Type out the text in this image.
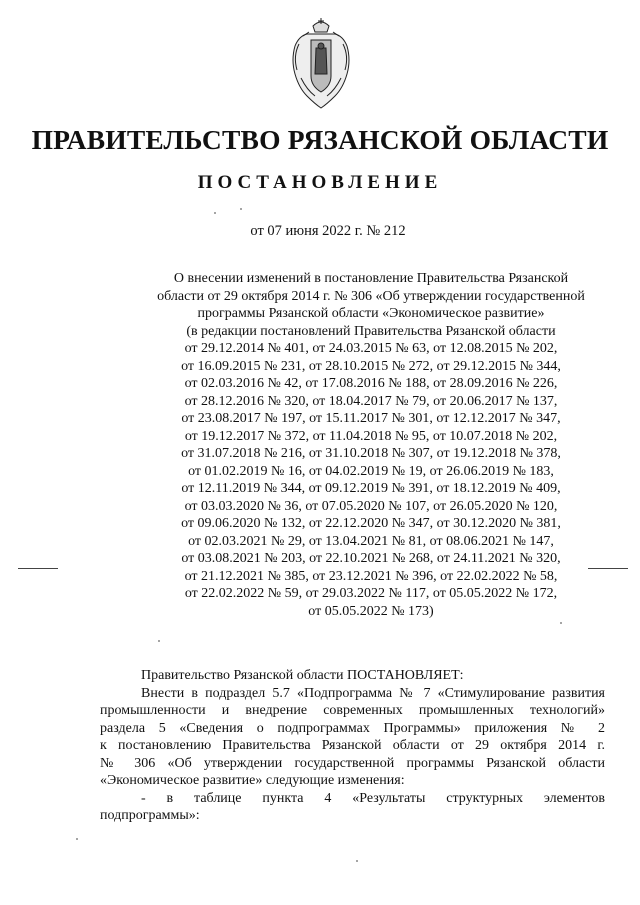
ПРАВИТЕЛЬСТВО РЯЗАНСКОЙ ОБЛАСТИ
ПОСТАНОВЛЕНИЕ
от 07 июня 2022 г. № 212
О внесении изменений в постановление Правительства Рязанской
области от 29 октября 2014 г. № 306 «Об утверждении государственной
программы Рязанской области «Экономическое развитие»
(в редакции постановлений Правительства Рязанской области
от 29.12.2014 № 401, от 24.03.2015 № 63, от 12.08.2015 № 202,
от 16.09.2015 № 231, от 28.10.2015 № 272, от 29.12.2015 № 344,
от 02.03.2016 № 42, от 17.08.2016 № 188, от 28.09.2016 № 226,
от 28.12.2016 № 320, от 18.04.2017 № 79, от 20.06.2017 № 137,
от 23.08.2017 № 197, от 15.11.2017 № 301, от 12.12.2017 № 347,
от 19.12.2017 № 372, от 11.04.2018 № 95, от 10.07.2018 № 202,
от 31.07.2018 № 216, от 31.10.2018 № 307, от 19.12.2018 № 378,
от 01.02.2019 № 16, от 04.02.2019 № 19, от 26.06.2019 № 183,
от 12.11.2019 № 344, от 09.12.2019 № 391, от 18.12.2019 № 409,
от 03.03.2020 № 36, от 07.05.2020 № 107, от 26.05.2020 № 120,
от 09.06.2020 № 132, от 22.12.2020 № 347, от 30.12.2020 № 381,
от 02.03.2021 № 29, от 13.04.2021 № 81, от 08.06.2021 № 147,
от 03.08.2021 № 203, от 22.10.2021 № 268, от 24.11.2021 № 320,
от 21.12.2021 № 385, от 23.12.2021 № 396, от 22.02.2022 № 58,
от 22.02.2022 № 59, от 29.03.2022 № 117, от 05.05.2022 № 172,
от 05.05.2022 № 173)
Правительство Рязанской области ПОСТАНОВЛЯЕТ:
Внести в подраздел 5.7 «Подпрограмма № 7 «Стимулирование развития
промышленности и внедрение современных промышленных технологий»
раздела 5 «Сведения о подпрограммах Программы» приложения № 2
к постановлению Правительства Рязанской области от 29 октября 2014 г.
№ 306 «Об утверждении государственной программы Рязанской области
«Экономическое развитие» следующие изменения:
- в таблице пункта 4 «Результаты структурных элементов
подпрограммы»:
